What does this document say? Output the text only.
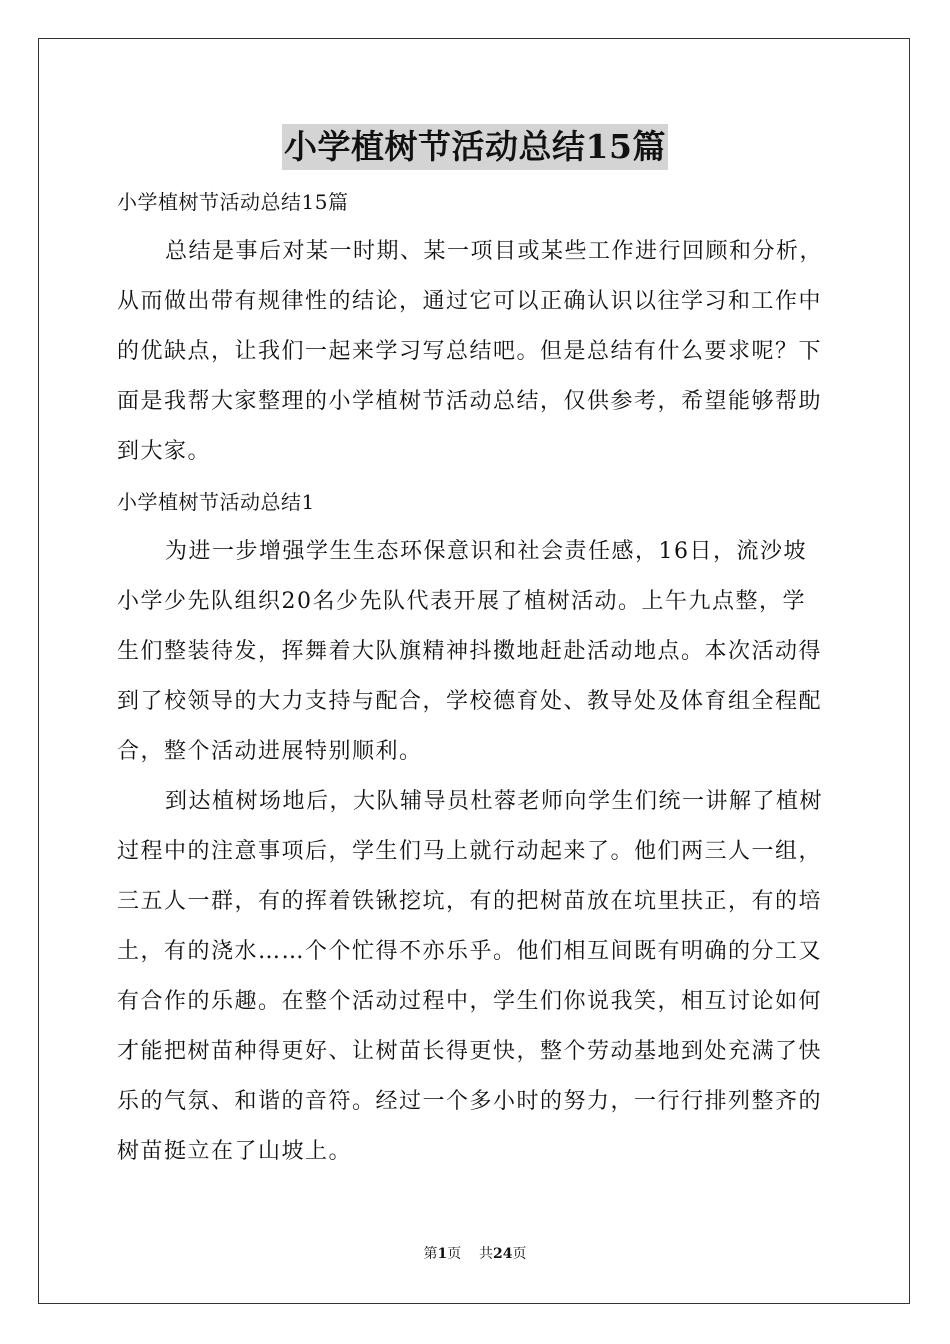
小学植树节活动总结15篇
小学植树节活动总结15篇
总结是事后对某一时期、某一项目或某些工作进行回顾和分析，
从而做出带有规律性的结论，通过它可以正确认识以往学习和工作中
的优缺点，让我们一起来学习写总结吧。但是总结有什么要求呢？下
面是我帮大家整理的小学植树节活动总结，仅供参考，希望能够帮助
到大家。
小学植树节活动总结1
为进一步增强学生生态环保意识和社会责任感，16日，流沙坡
小学少先队组织20名少先队代表开展了植树活动。上午九点整，学
生们整装待发，挥舞着大队旗精神抖擞地赶赴活动地点。本次活动得
到了校领导的大力支持与配合，学校德育处、教导处及体育组全程配
合，整个活动进展特别顺利。
到达植树场地后，大队辅导员杜蓉老师向学生们统一讲解了植树
过程中的注意事项后，学生们马上就行动起来了。他们两三人一组，
三五人一群，有的挥着铁锹挖坑，有的把树苗放在坑里扶正，有的培
土，有的浇水……个个忙得不亦乐乎。他们相互间既有明确的分工又
有合作的乐趣。在整个活动过程中，学生们你说我笑，相互讨论如何
才能把树苗种得更好、让树苗长得更快，整个劳动基地到处充满了快
乐的气氛、和谐的音符。经过一个多小时的努力，一行行排列整齐的
树苗挺立在了山坡上。
第1页 共24页
